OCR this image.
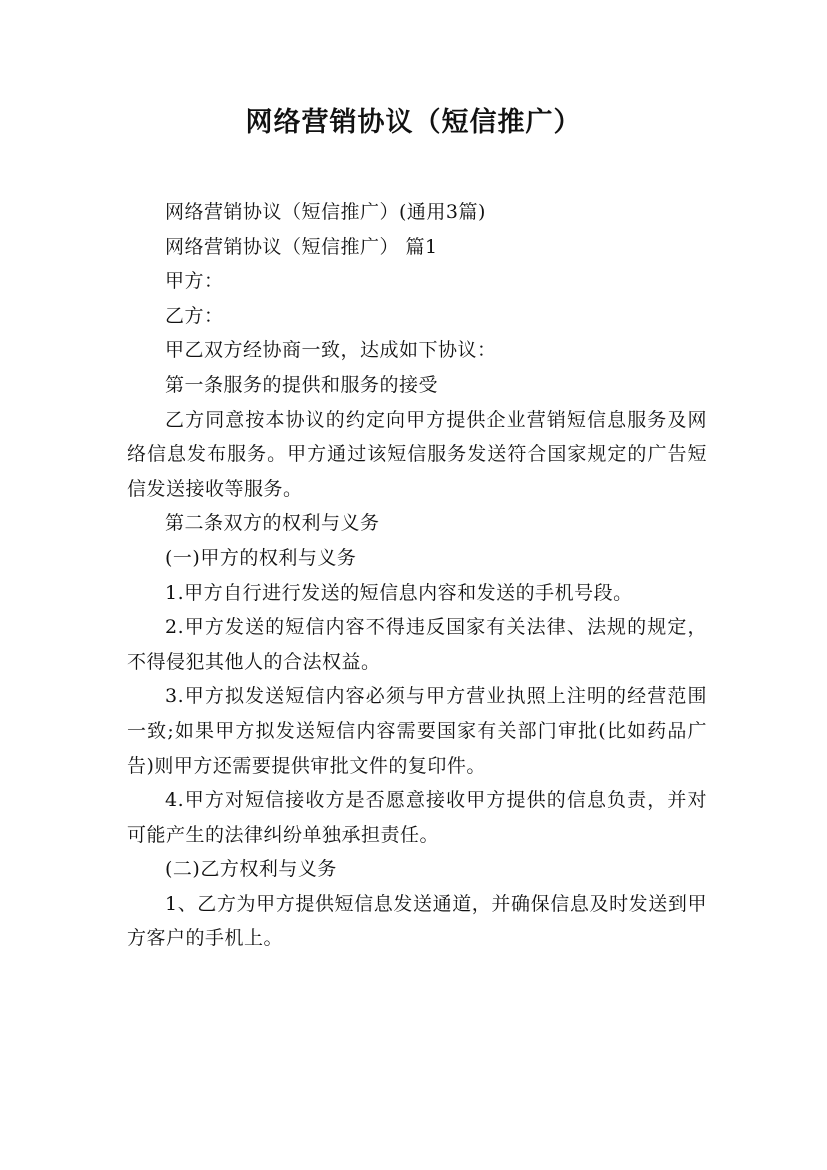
网络营销协议（短信推广）

网络营销协议（短信推广）(通用3篇)

网络营销协议（短信推广） 篇1

甲方：

乙方：

甲乙双方经协商一致，达成如下协议：

第一条服务的提供和服务的接受

乙方同意按本协议的约定向甲方提供企业营销短信息服务及网络信息发布服务。甲方通过该短信服务发送符合国家规定的广告短信发送接收等服务。

第二条双方的权利与义务

(一)甲方的权利与义务

1.甲方自行进行发送的短信息内容和发送的手机号段。

2.甲方发送的短信内容不得违反国家有关法律、法规的规定，不得侵犯其他人的合法权益。

3.甲方拟发送短信内容必须与甲方营业执照上注明的经营范围一致;如果甲方拟发送短信内容需要国家有关部门审批(比如药品广告)则甲方还需要提供审批文件的复印件。

4.甲方对短信接收方是否愿意接收甲方提供的信息负责，并对可能产生的法律纠纷单独承担责任。

(二)乙方权利与义务

1、乙方为甲方提供短信息发送通道，并确保信息及时发送到甲方客户的手机上。
